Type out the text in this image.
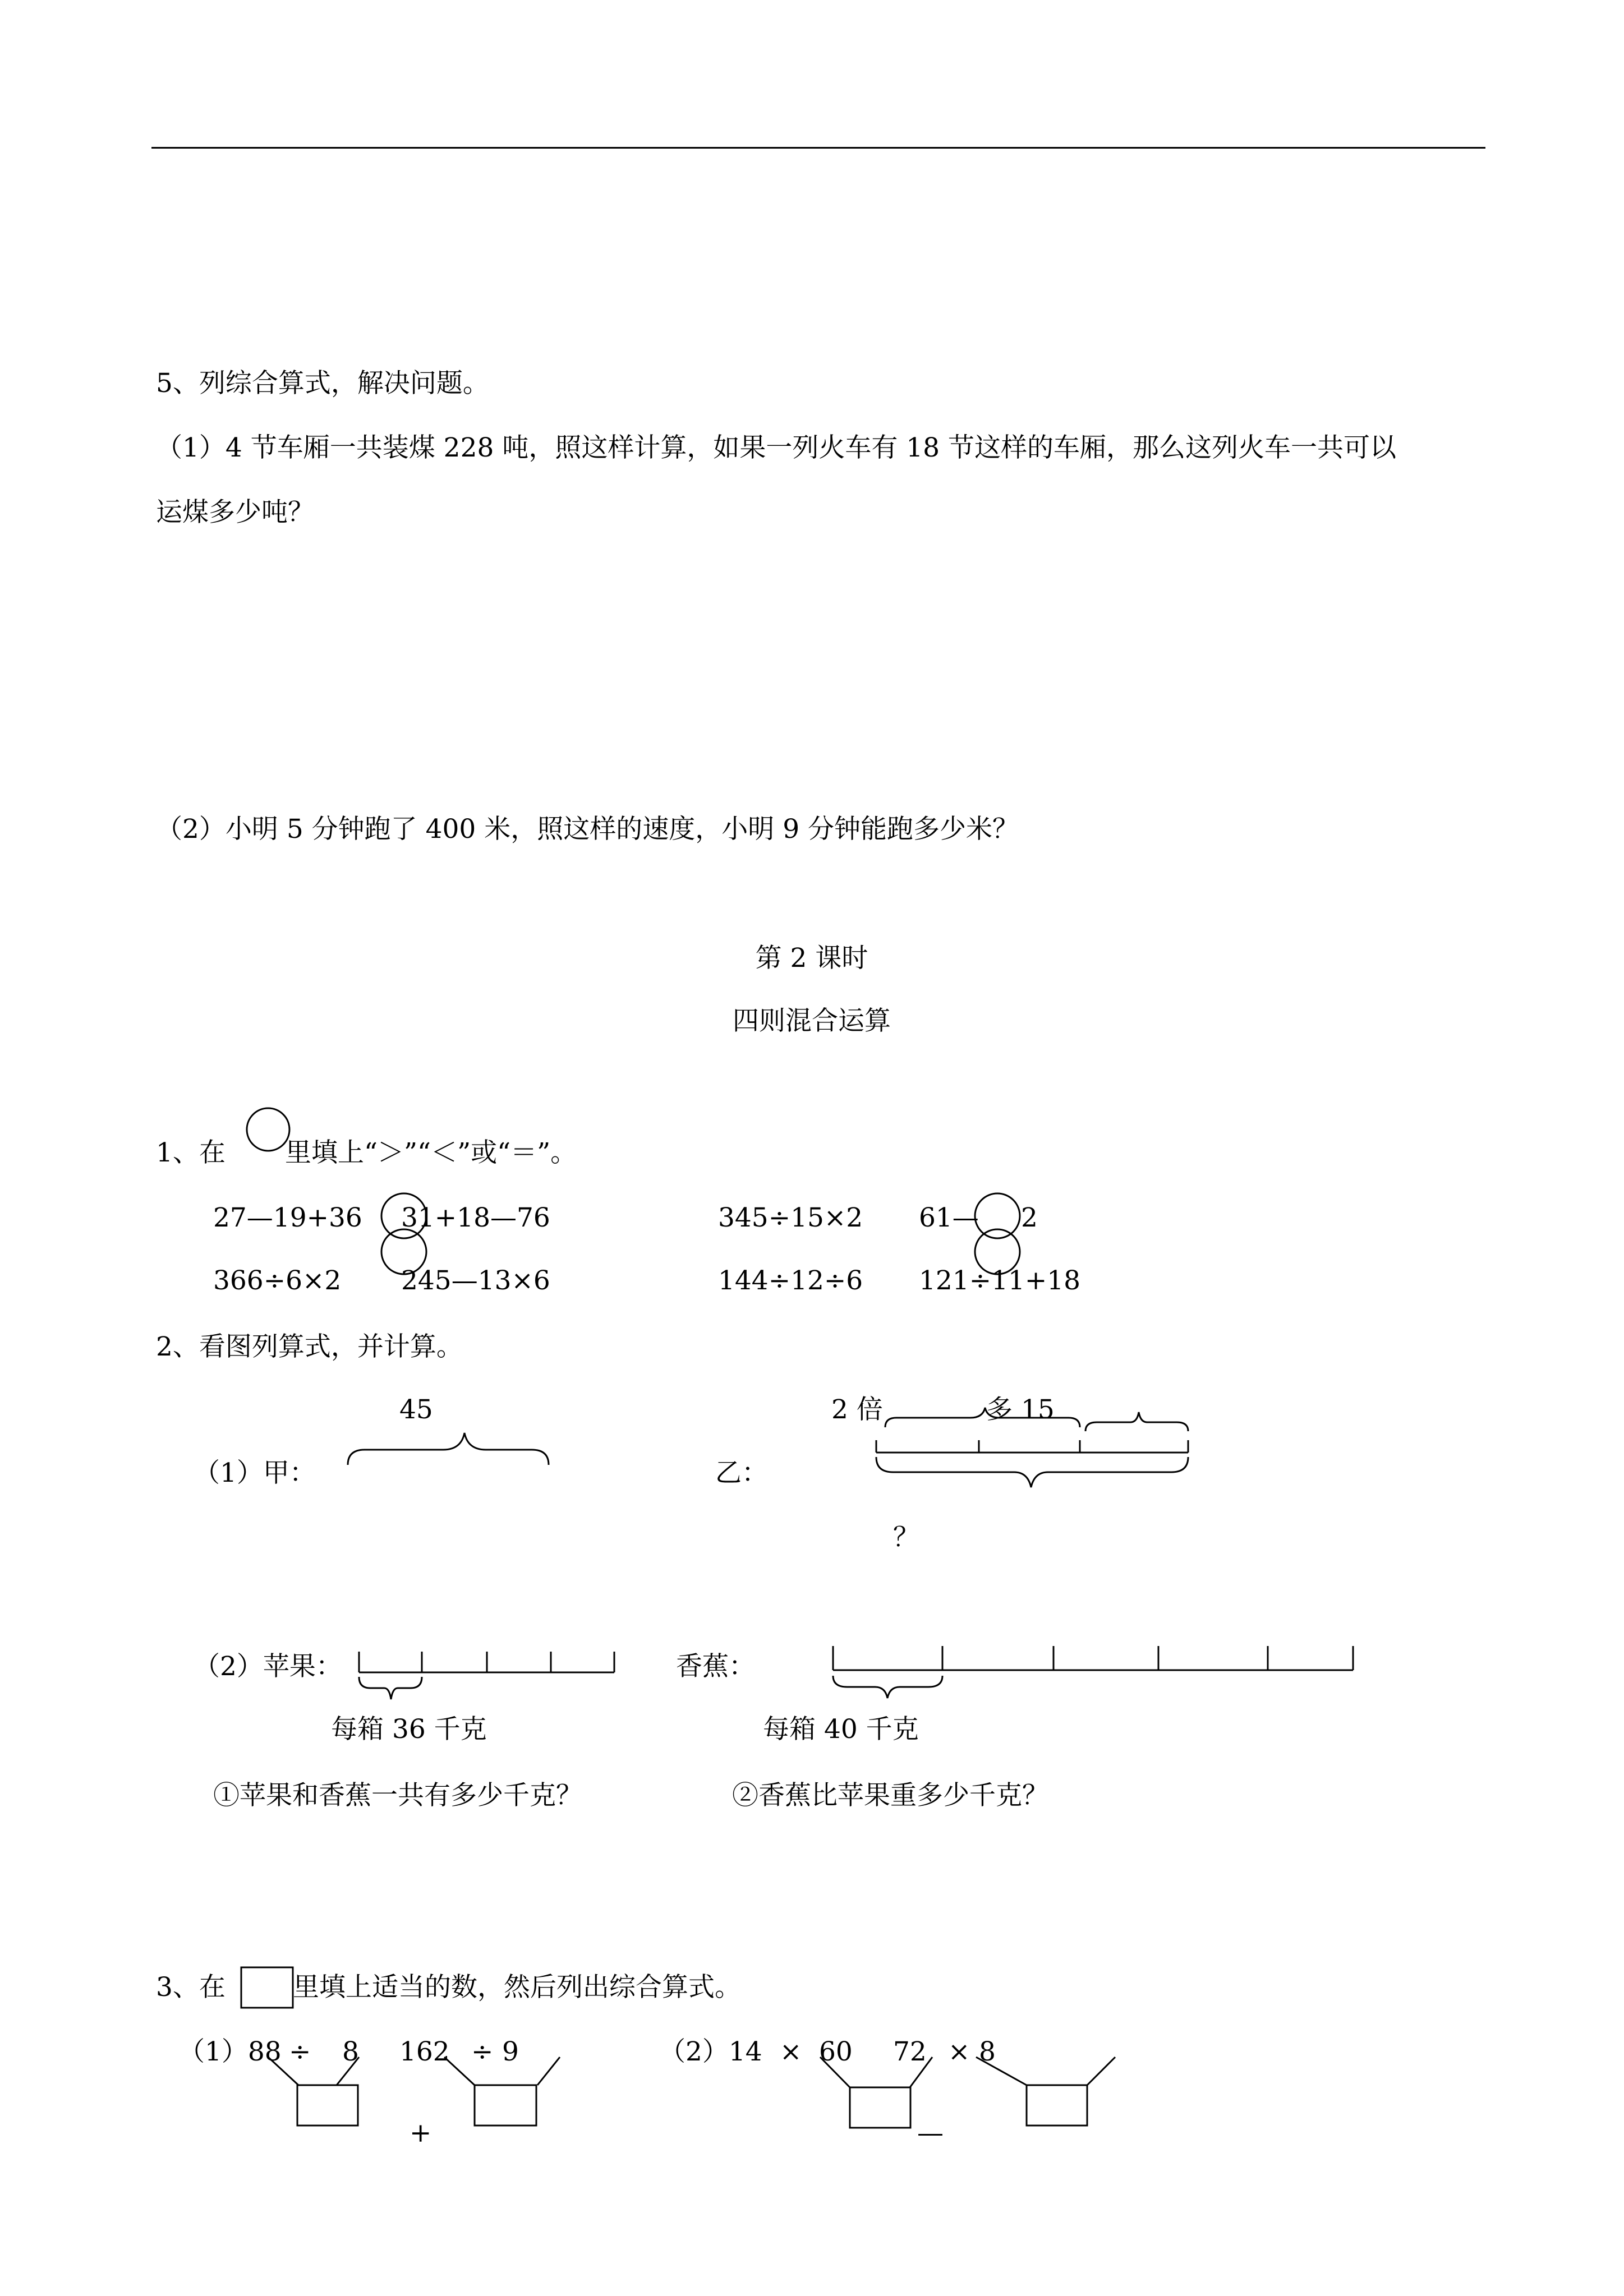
5、列综合算式，解决问题。
（1）4 节车厢一共装煤 228 吨，照这样计算，如果一列火车有 18 节这样的车厢，那么这列火车一共可以
运煤多少吨？
（2）小明 5 分钟跑了 400 米，照这样的速度，小明 9 分钟能跑多少米？
第 2 课时
四则混合运算
1、在 里填上“＞”“＜”或“＝”。
27—19+36 31+18—76	345÷15×2 61— 2
366÷6×2 245—13×6	144÷12÷6 121÷11+18
2、看图列算式，并计算。
45
（1）甲：
2 倍	多 15
乙：
？
（2）苹果：	香蕉：
每箱 36 千克	每箱 40 千克
①苹果和香蕉一共有多少千克？	②香蕉比苹果重多少千克？
3、在	里填上适当的数，然后列出综合算式。
（1）88 ÷ 8 162 ÷ 9
+
（2）14 × 60 72 × 8
—
